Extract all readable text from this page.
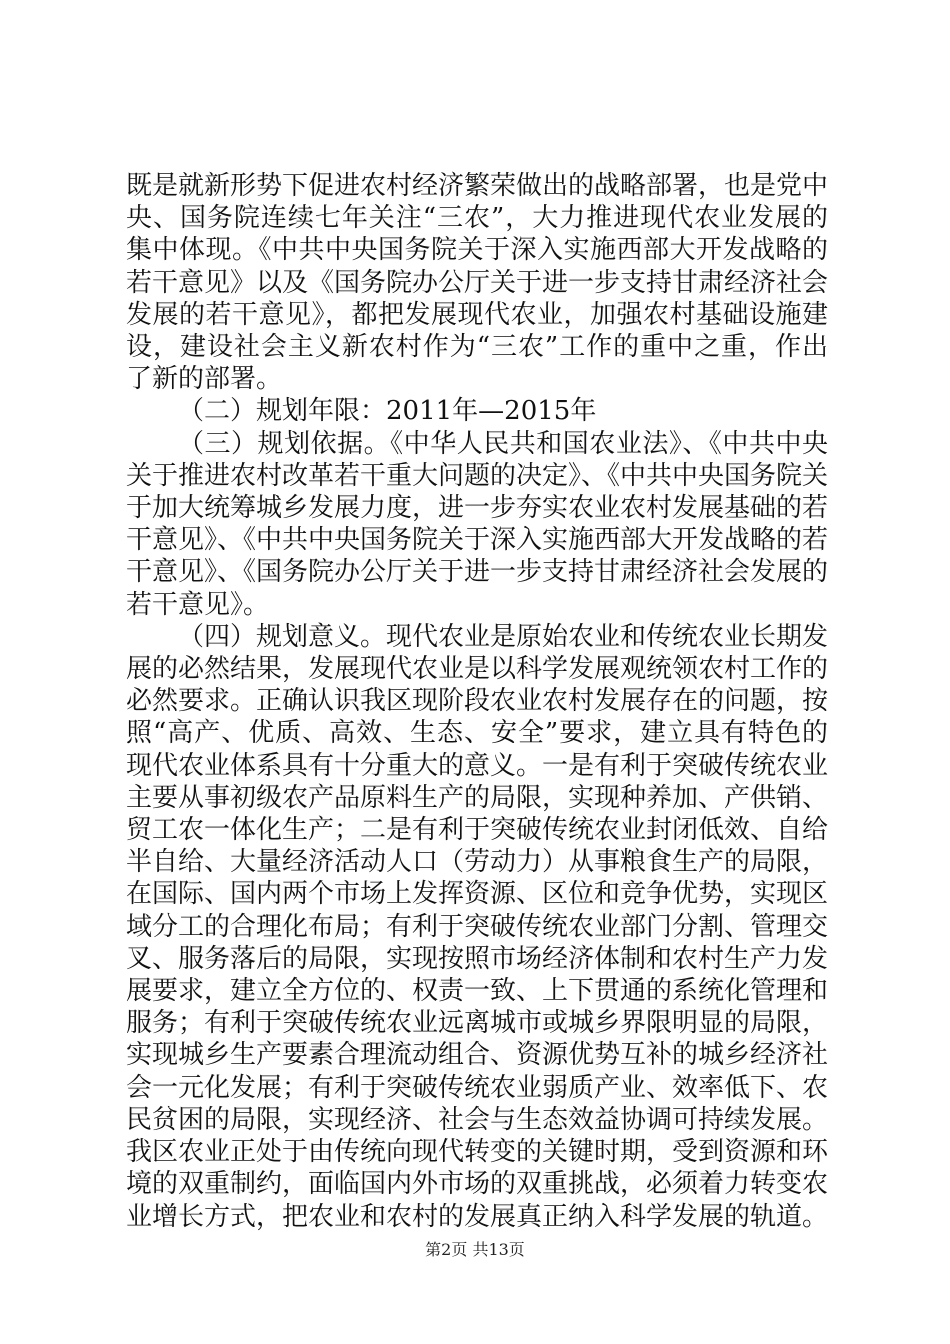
既是就新形势下促进农村经济繁荣做出的战略部署，也是党中央、国务院连续七年关注“三农”，大力推进现代农业发展的集中体现。《中共中央国务院关于深入实施西部大开发战略的若干意见》以及《国务院办公厅关于进一步支持甘肃经济社会发展的若干意见》，都把发展现代农业，加强农村基础设施建设，建设社会主义新农村作为“三农”工作的重中之重，作出了新的部署。

（二）规划年限：2011年—2015年

（三）规划依据。《中华人民共和国农业法》、《中共中央关于推进农村改革若干重大问题的决定》、《中共中央国务院关于加大统筹城乡发展力度，进一步夯实农业农村发展基础的若干意见》、《中共中央国务院关于深入实施西部大开发战略的若干意见》、《国务院办公厅关于进一步支持甘肃经济社会发展的若干意见》。

（四）规划意义。现代农业是原始农业和传统农业长期发展的必然结果，发展现代农业是以科学发展观统领农村工作的必然要求。正确认识我区现阶段农业农村发展存在的问题，按照“高产、优质、高效、生态、安全”要求，建立具有特色的现代农业体系具有十分重大的意义。一是有利于突破传统农业主要从事初级农产品原料生产的局限，实现种养加、产供销、贸工农一体化生产；二是有利于突破传统农业封闭低效、自给半自给、大量经济活动人口（劳动力）从事粮食生产的局限，在国际、国内两个市场上发挥资源、区位和竞争优势，实现区域分工的合理化布局；有利于突破传统农业部门分割、管理交叉、服务落后的局限，实现按照市场经济体制和农村生产力发展要求，建立全方位的、权责一致、上下贯通的系统化管理和服务；有利于突破传统农业远离城市或城乡界限明显的局限，实现城乡生产要素合理流动组合、资源优势互补的城乡经济社会一元化发展；有利于突破传统农业弱质产业、效率低下、农民贫困的局限，实现经济、社会与生态效益协调可持续发展。我区农业正处于由传统向现代转变的关键时期，受到资源和环境的双重制约，面临国内外市场的双重挑战，必须着力转变农业增长方式，把农业和农村的发展真正纳入科学发展的轨道。

第2页 共13页
